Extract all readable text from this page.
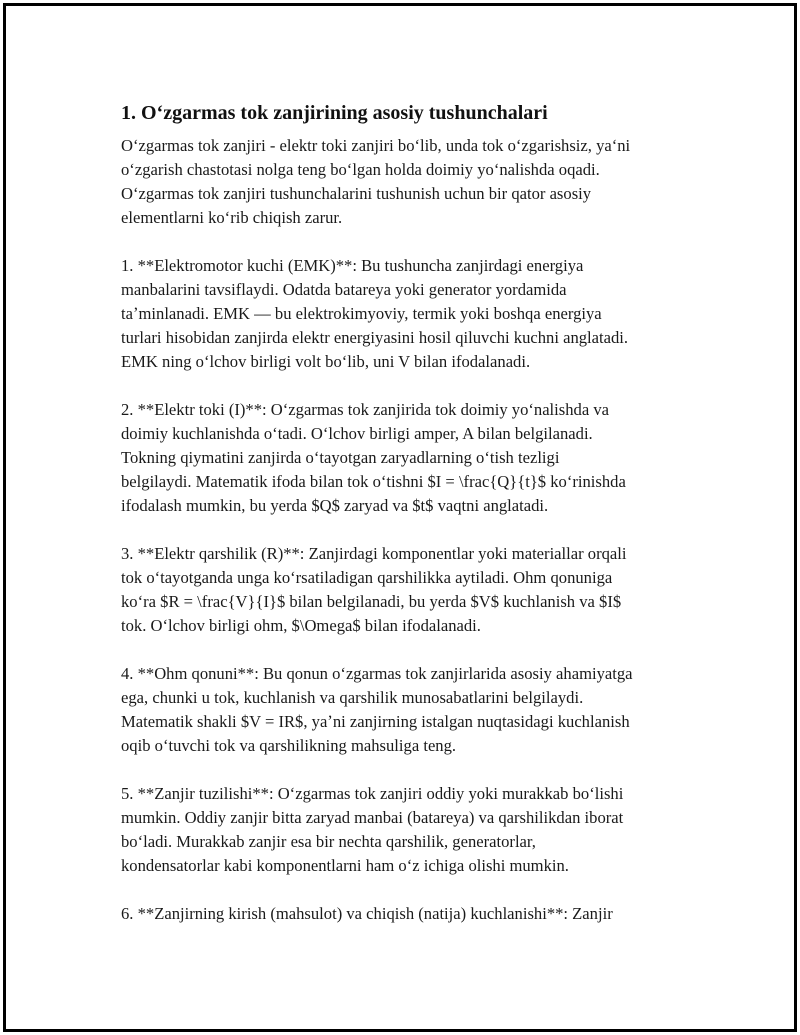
1. Oʻzgarmas tok zanjirining asosiy tushunchalari

Oʻzgarmas tok zanjiri - elektr toki zanjiri boʻlib, unda tok oʻzgarishsiz, yaʻni
oʻzgarish chastotasi nolga teng boʻlgan holda doimiy yoʻnalishda oqadi.
Oʻzgarmas tok zanjiri tushunchalarini tushunish uchun bir qator asosiy
elementlarni koʻrib chiqish zarur.

1. **Elektromotor kuchi (EMK)**: Bu tushuncha zanjirdagi energiya
manbalarini tavsiflaydi. Odatda batareya yoki generator yordamida
taʼminlanadi. EMK — bu elektrokimyoviy, termik yoki boshqa energiya
turlari hisobidan zanjirda elektr energiyasini hosil qiluvchi kuchni anglatadi.
EMK ning oʻlchov birligi volt boʻlib, uni V bilan ifodalanadi.

2. **Elektr toki (I)**: Oʻzgarmas tok zanjirida tok doimiy yoʻnalishda va
doimiy kuchlanishda oʻtadi. Oʻlchov birligi amper, A bilan belgilanadi.
Tokning qiymatini zanjirda oʻtayotgan zaryadlarning oʻtish tezligi
belgilaydi. Matematik ifoda bilan tok oʻtishni $I = \frac{Q}{t}$ koʻrinishda
ifodalash mumkin, bu yerda $Q$ zaryad va $t$ vaqtni anglatadi.

3. **Elektr qarshilik (R)**: Zanjirdagi komponentlar yoki materiallar orqali
tok oʻtayotganda unga koʻrsatiladigan qarshilikka aytiladi. Ohm qonuniga
koʻra $R = \frac{V}{I}$ bilan belgilanadi, bu yerda $V$ kuchlanish va $I$
tok. Oʻlchov birligi ohm, $\Omega$ bilan ifodalanadi.

4. **Ohm qonuni**: Bu qonun oʻzgarmas tok zanjirlarida asosiy ahamiyatga
ega, chunki u tok, kuchlanish va qarshilik munosabatlarini belgilaydi.
Matematik shakli $V = IR$, yaʼni zanjirning istalgan nuqtasidagi kuchlanish
oqib oʻtuvchi tok va qarshilikning mahsuliga teng.

5. **Zanjir tuzilishi**: Oʻzgarmas tok zanjiri oddiy yoki murakkab boʻlishi
mumkin. Oddiy zanjir bitta zaryad manbai (batareya) va qarshilikdan iborat
boʻladi. Murakkab zanjir esa bir nechta qarshilik, generatorlar,
kondensatorlar kabi komponentlarni ham oʻz ichiga olishi mumkin.

6. **Zanjirning kirish (mahsulot) va chiqish (natija) kuchlanishi**: Zanjir
